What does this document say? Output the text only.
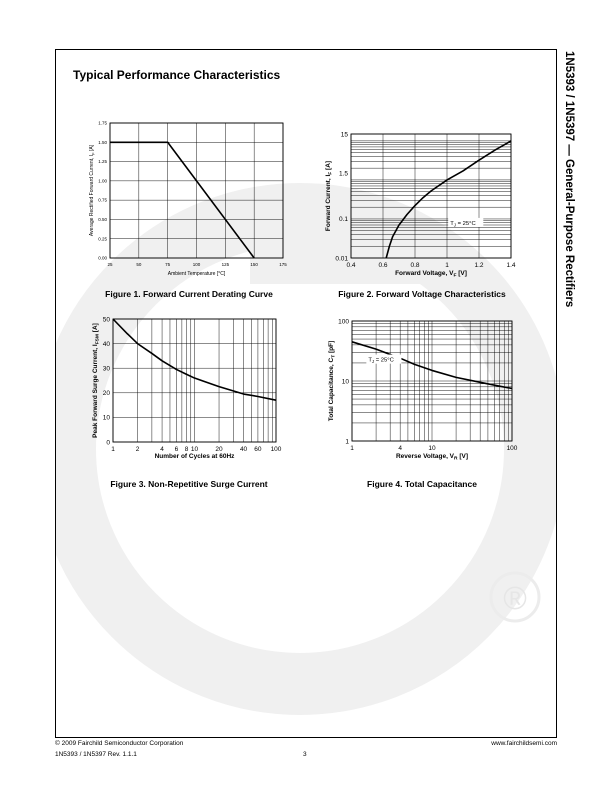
®
1N5393 / 1N5397 — General-Purpose Rectifiers
Typical Performance Characteristics
25	50	75	100	125	150	175
0.00
0.25
0.50
0.75
1.00
1.25
1.50
1.75
Ambient Temperature [°C]
Average Rectified Forward Current, $I_F$ [A]
0.4	0.6	0.8	1	1.2	1.4
0.01
0.1
1.5
15
$T_J = 25^\circ C$
Forward Voltage, $V_F$ [V]
Forward Current, $I_F$ [A]
1	2	4 6 8 10	20	40 60 100
0
10
20
30
40
50
Number of Cycles at 60Hz
Peak Forward Surge Current, $I_{FSM}$ [A]
1	4	10	100
1
10
100
$T_J = 25^\circ C$
Reverse Voltage, $V_R$ [V]
Total Capacitance, $C_T$ [pF]
Figure 1. Forward Current Derating Curve	Figure 2. Forward Voltage Characteristics
Figure 3. Non-Repetitive Surge Current	Figure 4. Total Capacitance
© 2009 Fairchild Semiconductor Corporation
1N5393 / 1N5397 Rev. 1.1.1	3
www.fairchildsemi.com
